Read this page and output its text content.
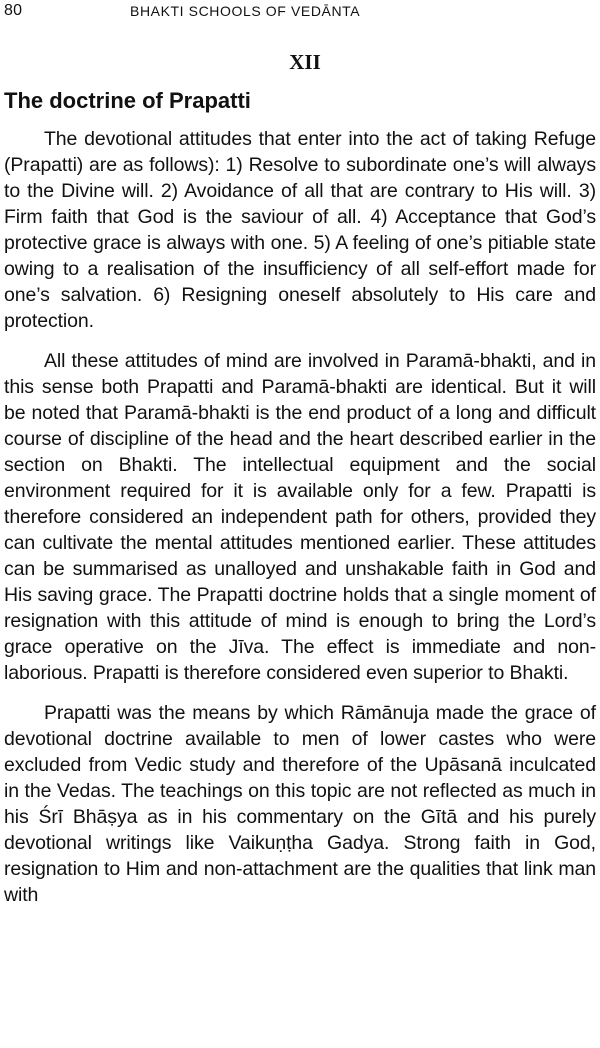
80	BHAKTI SCHOOLS OF VEDĀNTA
XII
The doctrine of Prapatti

The devotional attitudes that enter into the act of taking Refuge (Prapatti) are as follows): 1) Resolve to subordinate one’s will always to the Divine will. 2) Avoidance of all that are contrary to His will. 3) Firm faith that God is the saviour of all. 4) Acceptance that God’s protective grace is always with one. 5) A feeling of one’s pitiable state owing to a realisation of the insufficiency of all self-effort made for one’s salvation. 6) Resigning oneself absolutely to His care and protection.

All these attitudes of mind are involved in Paramā-bhakti, and in this sense both Prapatti and Paramā-bhakti are identical. But it will be noted that Paramā-bhakti is the end product of a long and difficult course of discipline of the head and the heart described earlier in the section on Bhakti. The intellectual equipment and the social environment required for it is available only for a few. Prapatti is therefore considered an independent path for others, provided they can cultivate the mental attitudes mentioned earlier. These attitudes can be summarised as unalloyed and unshakable faith in God and His saving grace. The Prapatti doctrine holds that a single moment of resignation with this attitude of mind is enough to bring the Lord’s grace operative on the Jīva. The effect is immediate and non-laborious. Prapatti is therefore considered even superior to Bhakti.

Prapatti was the means by which Rāmānuja made the grace of devotional doctrine available to men of lower castes who were excluded from Vedic study and therefore of the Upāsanā inculcated in the Vedas. The teachings on this topic are not reflected as much in his Śrī Bhāṣya as in his commentary on the Gītā and his purely devotional writings like Vaikuṇṭha Gadya. Strong faith in God, resignation to Him and non-attachment are the qualities that link man with
